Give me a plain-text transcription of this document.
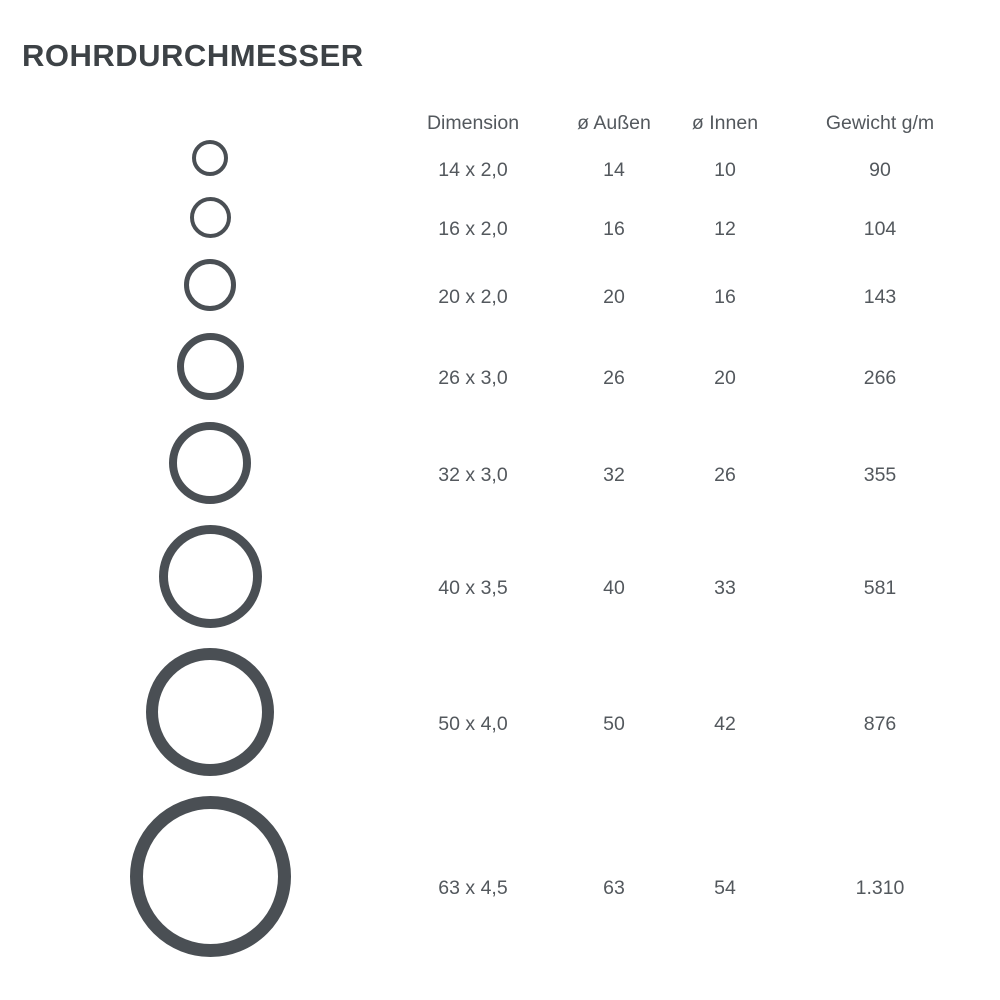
ROHRDURCHMESSER
Dimension	ø Außen	ø Innen	Gewicht g/m
14 x 2,0	14	10	90
16 x 2,0	16	12	104
20 x 2,0	20	16	143
26 x 3,0	26	20	266
32 x 3,0	32	26	355
40 x 3,5	40	33	581
50 x 4,0	50	42	876
63 x 4,5	63	54	1.310
